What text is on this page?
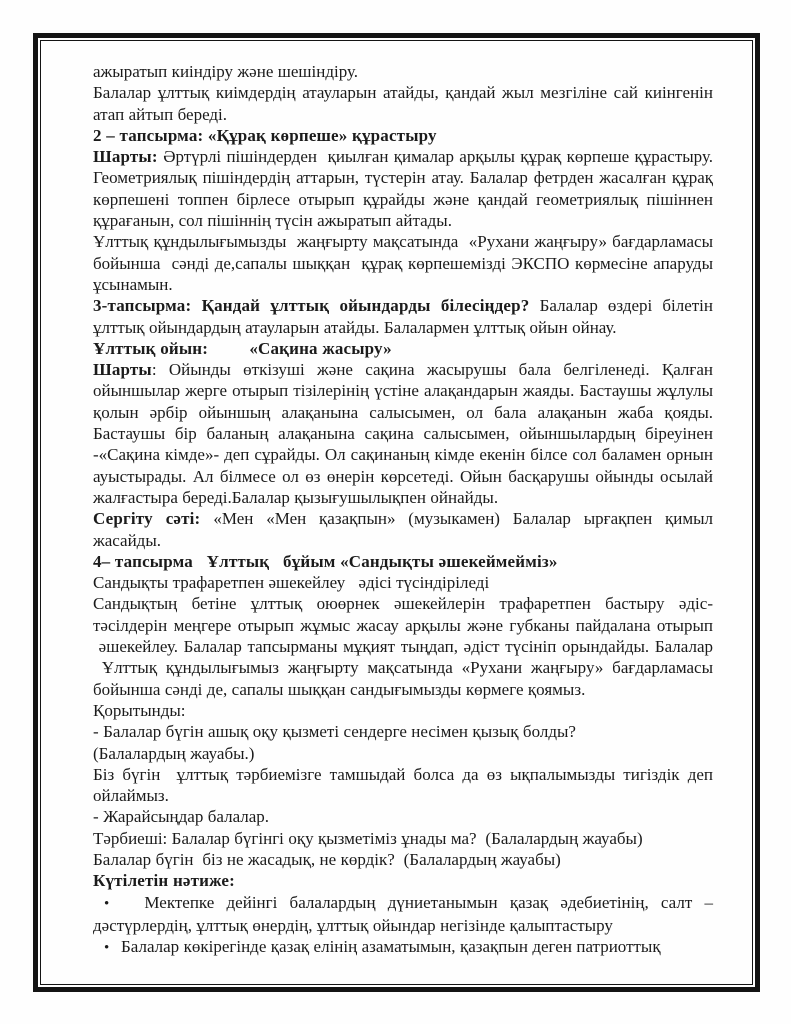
ажыратып киіндіру және шешіндіру.

Балалар ұлттық киімдердің атауларын атайды, қандай жыл мезгіліне сай киінгенін атап айтып береді.

2 – тапсырма: «Құрақ көрпеше» құрастыру

Шарты: Әртүрлі пішіндерден  қиылған қималар арқылы құрақ көрпеше құрастыру. Геометриялық пішіндердің аттарын, түстерін атау. Балалар фетрден жасалған құрақ көрпешені топпен бірлесе отырып құрайды және қандай геометриялық пішіннен құрағанын, сол пішіннің түсін ажыратып айтады.

Ұлттық құндылығымызды  жаңғырту мақсатында  «Рухани жаңғыру» бағдарламасы бойынша  сәнді де,сапалы шыққан  құрақ көрпешемізді ЭКСПО көрмесіне апаруды ұсынамын.

3-тапсырма: Қандай ұлттық ойындарды білесіңдер? Балалар өздері білетін ұлттық ойындардың атауларын атайды. Балалармен ұлттық ойын ойнау.

Ұлттық ойын:         «Сақина жасыру»

Шарты: Ойынды өткізуші және сақина жасырушы бала белгіленеді. Қалған ойыншылар жерге отырып тізілерінің үстіне алақандарын жаяды. Бастаушы жұлулы қолын әрбір ойыншың алақанына салысымен, ол бала алақанын жаба қояды. Бастаушы бір баланың алақанына сақина салысымен, ойыншылардың біреуінен -«Сақина кімде»- деп сұрайды. Ол сақинаның кімде екенін білсе сол баламен орнын ауыстырады. Ал білмесе ол өз өнерін көрсетеді. Ойын басқарушы ойынды осылай жалғастыра береді.Балалар қызығушылықпен ойнайды.

Сергіту сәті: «Мен «Мен қазақпын» (музыкамен) Балалар ырғақпен қимыл жасайды.

4– тапсырма   Ұлттық   бұйым «Сандықты әшекеймейміз»

Сандықты трафаретпен әшекейлеу   әдісі түсіндіріледі

Сандықтың бетіне ұлттық оюөрнек әшекейлерін трафаретпен бастыру әдіс-тәсілдерін меңгере отырып жұмыс жасау арқылы және губканы пайдалана отырып  әшекейлеу. Балалар тапсырманы мұқият тыңдап, әдіст түсініп орындайды. Балалар  Ұлттық құндылығымыз жаңғырту мақсатында «Рухани жаңғыру» бағдарламасы бойынша сәнді де, сапалы шыққан сандығымызды көрмеге қоямыз.

Қорытынды:

- Балалар бүгін ашық оқу қызметі сендерге несімен қызық болды?

(Балалардың жауабы.)

Біз бүгін  ұлттық тәрбиемізге тамшыдай болса да өз ықпалымызды тигіздік деп ойлаймыз.

- Жарайсыңдар балалар.

Тәрбиеші: Балалар бүгінгі оқу қызметіміз ұнады ма?  (Балалардың жауабы)

Балалар бүгін  біз не жасадық, не көрдік?  (Балалардың жауабы)

Күтілетін нәтиже:

•   Мектепке дейінгі балалардың дүниетанымын қазақ әдебиетінің, салт – дәстүрлердің, ұлттық өнердің, ұлттық ойындар негізінде қалыптастыру

•   Балалар көкірегінде қазақ елінің азаматымын, қазақпын деген патриоттық
